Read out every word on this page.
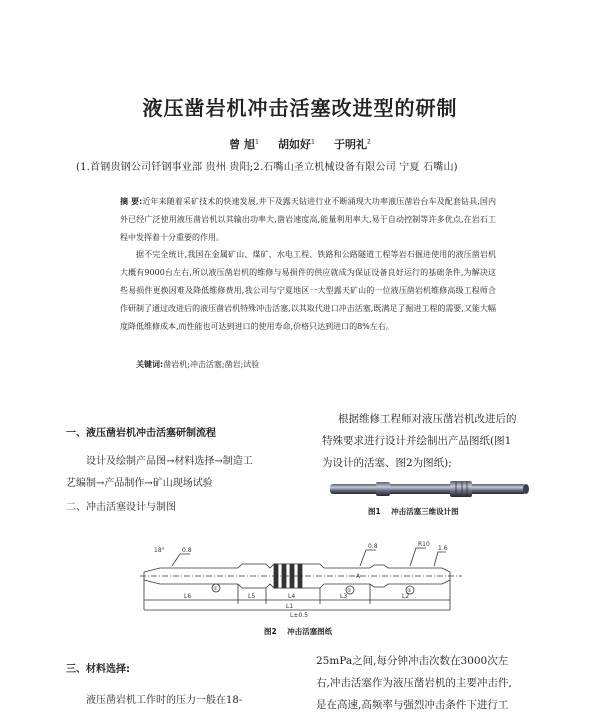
液压凿岩机冲击活塞改进型的研制
曾 旭$^1$ 胡如好$^1$ 于明礼$^2$
(1.首钢贵钢公司钎钢事业部 贵州 贵阳;2.石嘴山圣立机械设备有限公司 宁夏 石嘴山)
摘 要:近年来随着采矿技术的快速发展,井下及露天钻进行业不断涌现大功率液压凿岩台车及配套钻具,国内外已经广泛使用液压凿岩机以其输出功率大,凿岩速度高,能量利用率大,易于自动控制等许多优点,在岩石工程中发挥着十分重要的作用。
据不完全统计,我国在金属矿山、煤矿、水电工程、铁路和公路隧道工程等岩石掘进使用的液压凿岩机大概有9000台左右,所以液压凿岩机的维修与易损件的供应就成为保证设备良好运行的基础条件,为解决这些易损件更换因难及降低维修费用,我公司与宁夏地区一大型露天矿山的一位液压凿岩机维修高级工程师合作研制了通过改进后的液压凿岩机特殊冲击活塞,以其取代进口冲击活塞,既满足了掘进工程的需要,又能大幅度降低维修成本,而性能也可达到进口的使用寿命,价格只达到进口的8%左右。
关键词:凿岩机;冲击活塞;凿岩;试验
一、液压凿岩机冲击活塞研制流程
设计及绘制产品图→材料选择→制造工
艺编制→产品制作→矿山现场试验
二、冲击活塞设计与制图
根据维修工程师对液压凿岩机改进后的
特殊要求进行设计并绘制出产品图纸(图1
为设计的活塞、图2为图纸);
图1 冲击活塞三维设计图
18°	0.8
0.8	R10
1.6
L6	L5	L4	L3	L2
L1
L±0.5
①	②	③
A
图2 冲击活塞图纸
三、材料选择:
液压凿岩机工作时的压力一般在18-
25mPa之间,每分钟冲击次数在3000次左
右,冲击活塞作为液压凿岩机的主要冲击件,
是在高速,高频率与强烈冲击条件下进行工
